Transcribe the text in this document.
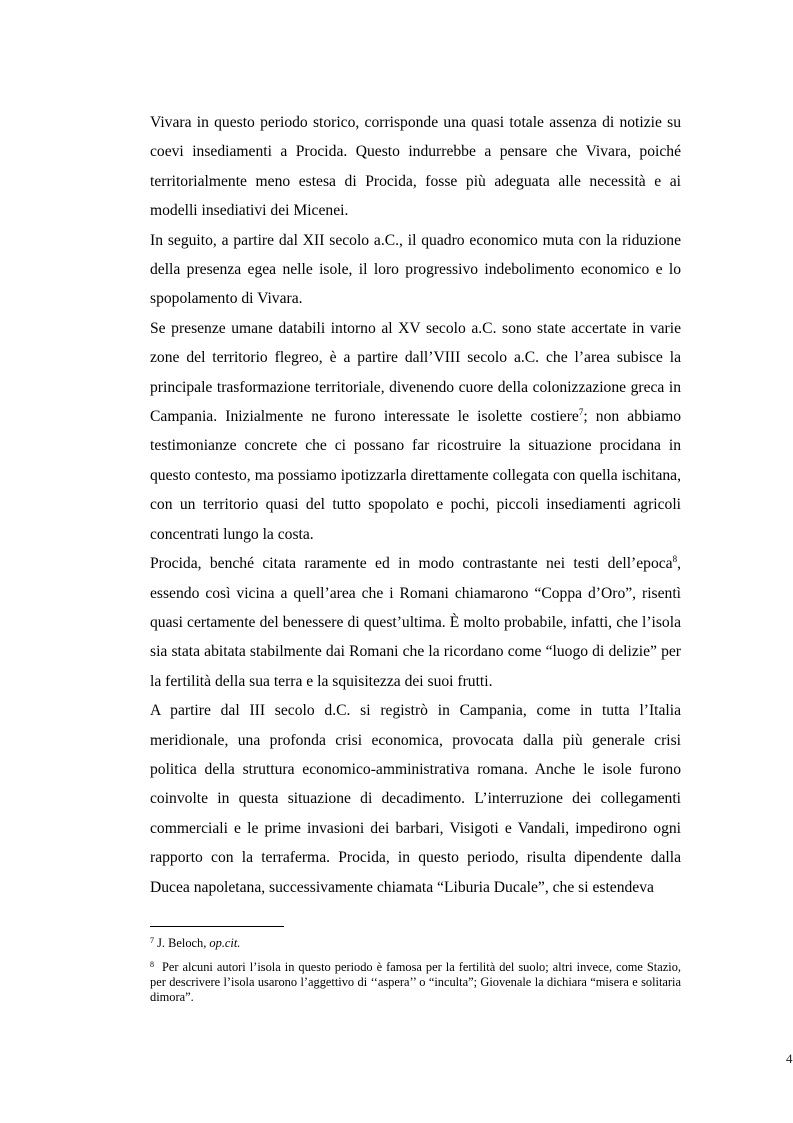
Vivara in questo periodo storico, corrisponde una quasi totale assenza di notizie su coevi insediamenti a Procida. Questo indurrebbe a pensare che Vivara, poiché territorialmente meno estesa di Procida, fosse più adeguata alle necessità e ai modelli insediativi dei Micenei.

In seguito, a partire dal XII secolo a.C., il quadro economico muta con la riduzione della presenza egea nelle isole, il loro progressivo indebolimento economico e lo spopolamento di Vivara.

Se presenze umane databili intorno al XV secolo a.C. sono state accertate in varie zone del territorio flegreo, è a partire dall’VIII secolo a.C. che l’area subisce la principale trasformazione territoriale, divenendo cuore della colonizzazione greca in Campania. Inizialmente ne furono interessate le isolette costiere$^7$; non abbiamo testimonianze concrete che ci possano far ricostruire la situazione procidana in questo contesto, ma possiamo ipotizzarla direttamente collegata con quella ischitana, con un territorio quasi del tutto spopolato e pochi, piccoli insediamenti agricoli concentrati lungo la costa.

Procida, benché citata raramente ed in modo contrastante nei testi dell’epoca$^8$, essendo così vicina a quell’area che i Romani chiamarono “Coppa d’Oro”, risentì quasi certamente del benessere di quest’ultima. È molto probabile, infatti, che l’isola sia stata abitata stabilmente dai Romani che la ricordano come “luogo di delizie” per la fertilità della sua terra e la squisitezza dei suoi frutti.

A partire dal III secolo d.C. si registrò in Campania, come in tutta l’Italia meridionale, una profonda crisi economica, provocata dalla più generale crisi politica della struttura economico-amministrativa romana. Anche le isole furono coinvolte in questa situazione di decadimento. L’interruzione dei collegamenti commerciali e le prime invasioni dei barbari, Visigoti e Vandali, impedirono ogni rapporto con la terraferma. Procida, in questo periodo, risulta dipendente dalla Ducea napoletana, successivamente chiamata “Liburia Ducale”, che si estendeva

$^7$ J. Beloch, op.cit.

$^8$ Per alcuni autori l’isola in questo periodo è famosa per la fertilità del suolo; altri invece, come Stazio, per descrivere l’isola usarono l’aggettivo di ‘‘aspera’’ o “inculta”; Giovenale la dichiara “misera e solitaria dimora”.

4
